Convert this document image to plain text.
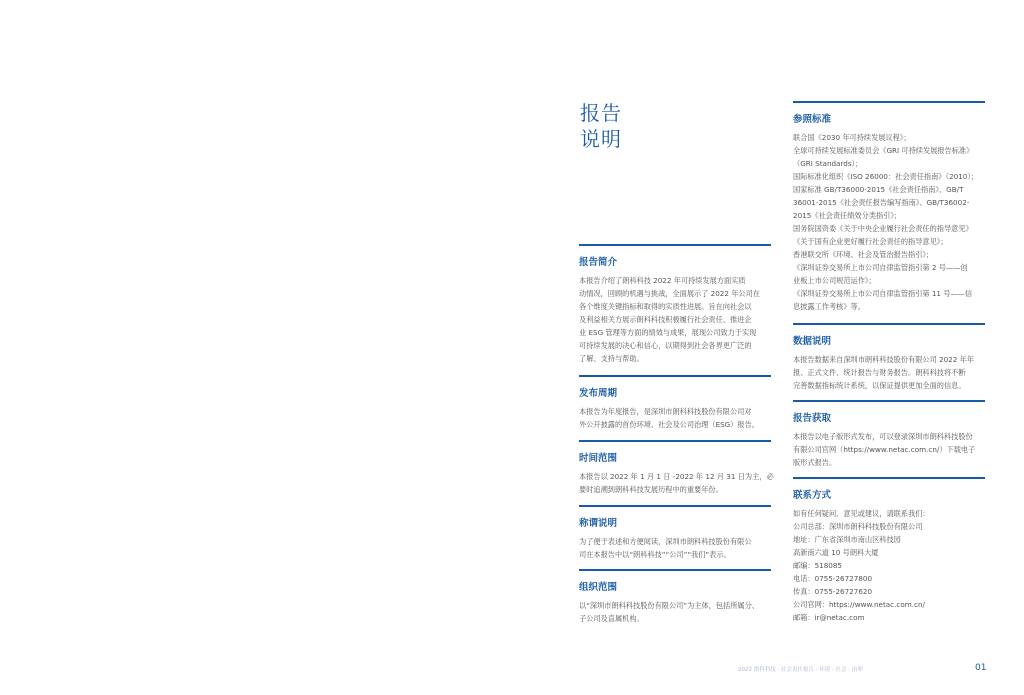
报告
说明
报告简介
本报告介绍了朗科科技 2022 年可持续发展方面实质
动情况，回顾的机遇与挑战，全面展示了 2022 年公司在
各个维度关键指标和取得的实质性进展。旨在向社会以
及利益相关方展示朗科科技积极履行社会责任、推进企
业 ESG 管理等方面的绩效与成果，展现公司致力于实现
可持续发展的决心和信心，以期得到社会各界更广泛的
了解、支持与帮助。
发布周期
本报告为年度报告，是深圳市朗科科技股份有限公司对
外公开披露的首份环境、社会及公司治理（ESG）报告。
时间范围
本报告以 2022 年 1 月 1 日 -2022 年 12 月 31 日为主，必
要时追溯到朗科科技发展历程中的重要年份。
称谓说明
为了便于表述和方便阅读，深圳市朗科科技股份有限公
司在本报告中以“朗科科技”“公司”“我们”表示。
组织范围
以“深圳市朗科科技股份有限公司”为主体，包括所属分、
子公司及直属机构。
参照标准
联合国《2030 年可持续发展议程》；
全球可持续发展标准委员会《GRI 可持续发展报告标准》
（GRI Standards）；
国际标准化组织《ISO 26000：社会责任指南》（2010）；
国家标准 GB/T36000-2015《社会责任指南》、GB/T
36001-2015《社会责任报告编写指南》、GB/T36002-
2015《社会责任绩效分类指引》；
国务院国资委《关于中央企业履行社会责任的指导意见》
《关于国有企业更好履行社会责任的指导意见》；
香港联交所《环境、社会及管治报告指引》；
《深圳证券交易所上市公司自律监管指引第 2 号——创
业板上市公司规范运作》；
《深圳证券交易所上市公司自律监管指引第 11 号——信
息披露工作考核》等。
数据说明
本报告数据来自深圳市朗科科技股份有限公司 2022 年年
报、正式文件、统计报告与财务报告。朗科科技将不断
完善数据指标统计系统，以保证提供更加全面的信息。
报告获取
本报告以电子版形式发布，可以登录深圳市朗科科技股份
有限公司官网（https://www.netac.com.cn/）下载电子
版形式报告。
联系方式
如有任何疑问、意见或建议，请联系我们：
公司总部：深圳市朗科科技股份有限公司
地址：广东省深圳市南山区科技园
高新南六道 10 号朗科大厦
邮编：518085
电话：0755-26727800
传真：0755-26727620
公司官网：https://www.netac.com.cn/
邮箱：ir@netac.com
2022 朗科科技 · 社会责任报告 · 环境 · 社会 · 治理	01
